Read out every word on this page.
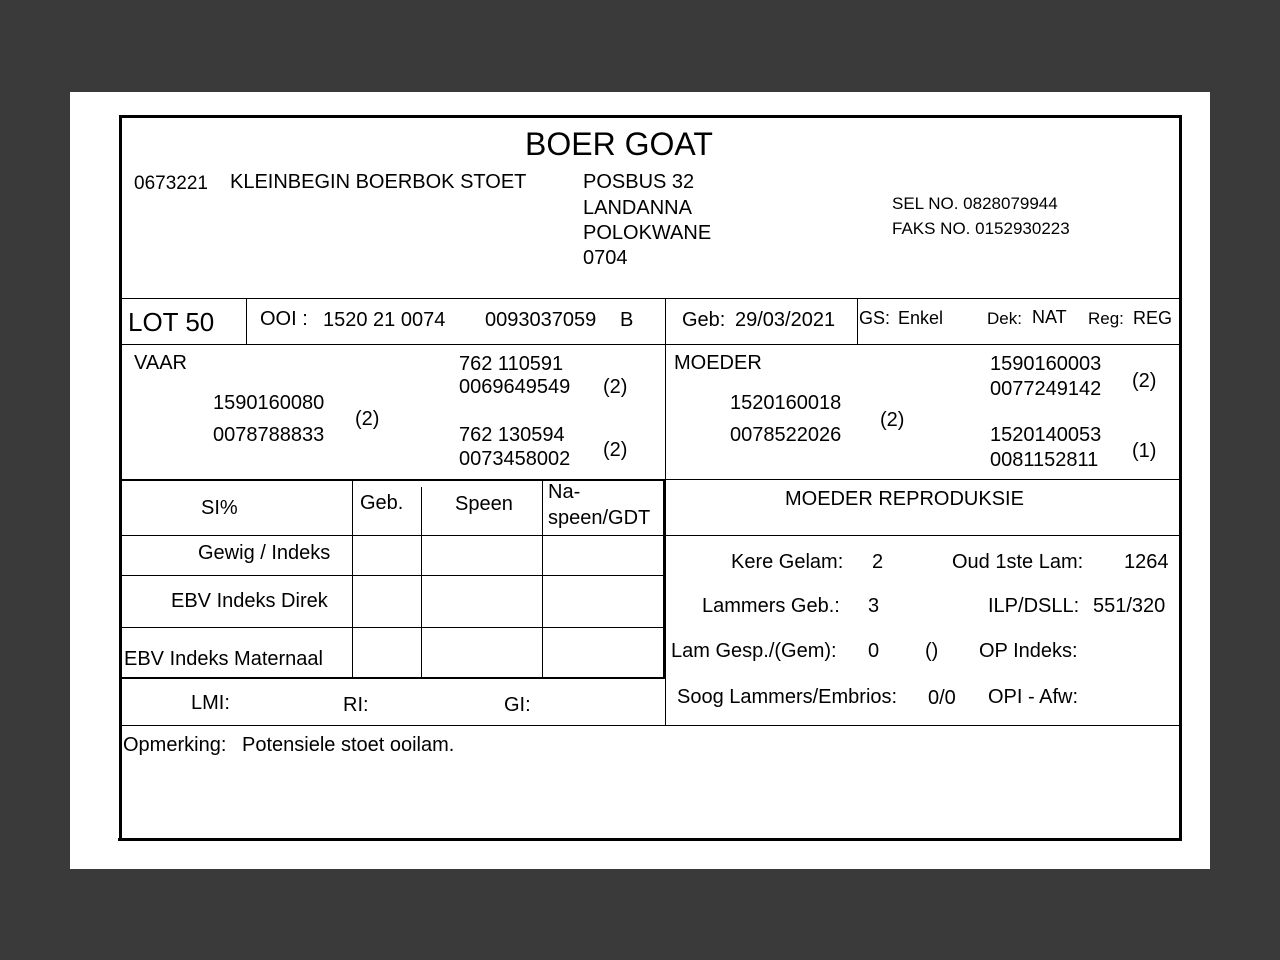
BOER GOAT
0673221 KLEINBEGIN BOERBOK STOET	POSBUS 32
LANDANNA
POLOKWANE
0704
SEL NO. 0828079944
FAKS NO. 0152930223
LOT 50 OOI : 1520 21 0074 0093037059 B Geb: 29/03/2021 GS: Enkel	Dek: NAT Reg: REG
VAAR
1590160080
0078788833
(2)
762 110591
0069649549 (2)
762 130594
0073458002 (2)
MOEDER
1520160018
0078522026
(2)
1590160003
0077249142 (2)
1520140053
0081152811 (1)
SI%	Geb.	Speen
Na-
speen/GDT
Gewig / Indeks
EBV Indeks Direk
EBV Indeks Maternaal
LMI:	RI:	GI:
MOEDER REPRODUKSIE
Kere Gelam: 2	Oud 1ste Lam: 1264
Lammers Geb.: 3	ILP/DSLL: 551/320
Lam Gesp./(Gem): 0 () OP Indeks:
Soog Lammers/Embrios: 0/0 OPI - Afw:
Opmerking: Potensiele stoet ooilam.
